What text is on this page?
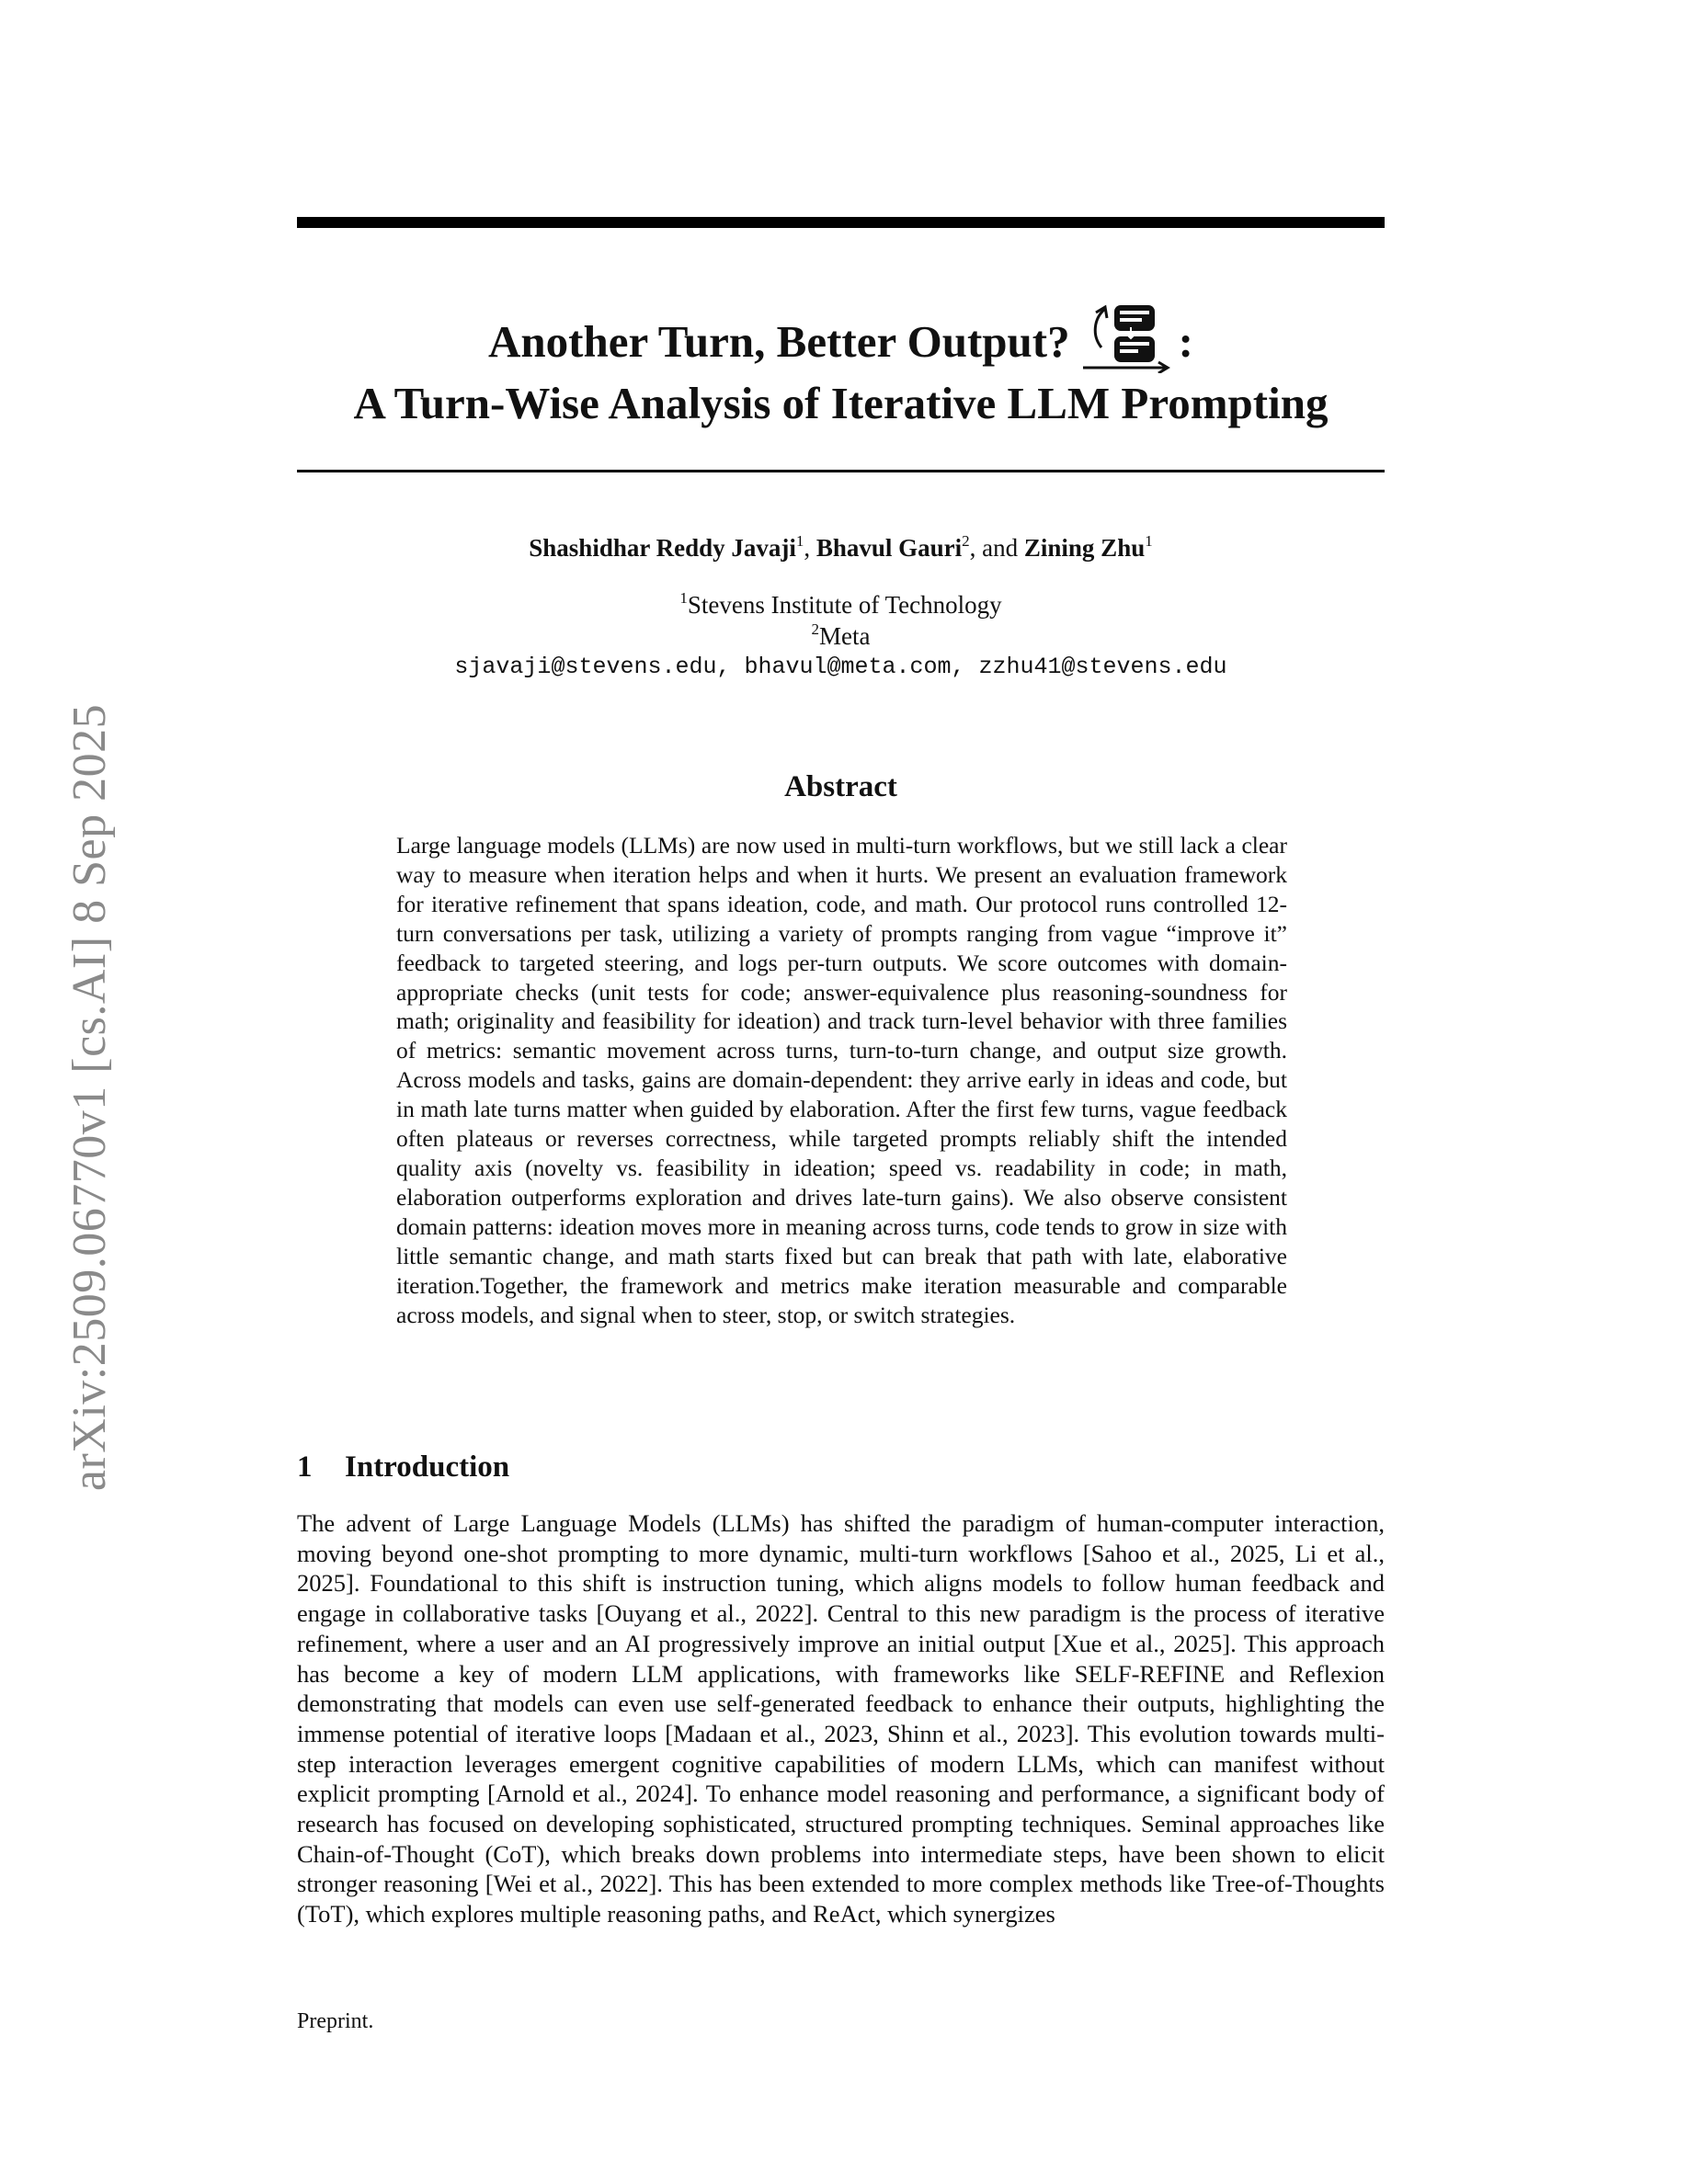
arXiv:2509.06770v1 [cs.AI] 8 Sep 2025
Another Turn, Better Output? :
A Turn-Wise Analysis of Iterative LLM Prompting
Shashidhar Reddy Javaji$^1$, Bhavul Gauri$^2$, and Zining Zhu$^1$
$^1$Stevens Institute of Technology
$^2$Meta
sjavaji@stevens.edu, bhavul@meta.com, zzhu41@stevens.edu
Abstract

Large language models (LLMs) are now used in multi-turn workflows, but we still lack a clear way to measure when iteration helps and when it hurts. We present an evaluation framework for iterative refinement that spans ideation, code, and math. Our protocol runs controlled 12-turn conversations per task, utilizing a variety of prompts ranging from vague “improve it” feedback to targeted steering, and logs per-turn outputs. We score outcomes with domain-appropriate checks (unit tests for code; answer-equivalence plus reasoning-soundness for math; originality and feasibility for ideation) and track turn-level behavior with three families of metrics: semantic movement across turns, turn-to-turn change, and output size growth. Across models and tasks, gains are domain-dependent: they arrive early in ideas and code, but in math late turns matter when guided by elaboration. After the first few turns, vague feedback often plateaus or reverses correctness, while targeted prompts reliably shift the intended quality axis (novelty vs. feasibility in ideation; speed vs. readability in code; in math, elaboration outperforms exploration and drives late-turn gains). We also observe consistent domain patterns: ideation moves more in meaning across turns, code tends to grow in size with little semantic change, and math starts fixed but can break that path with late, elaborative iteration.Together, the framework and metrics make iteration measurable and comparable across models, and signal when to steer, stop, or switch strategies.

1 Introduction

The advent of Large Language Models (LLMs) has shifted the paradigm of human-computer interaction, moving beyond one-shot prompting to more dynamic, multi-turn workflows [Sahoo et al., 2025, Li et al., 2025]. Foundational to this shift is instruction tuning, which aligns models to follow human feedback and engage in collaborative tasks [Ouyang et al., 2022]. Central to this new paradigm is the process of iterative refinement, where a user and an AI progressively improve an initial output [Xue et al., 2025]. This approach has become a key of modern LLM applications, with frameworks like SELF-REFINE and Reflexion demonstrating that models can even use self-generated feedback to enhance their outputs, highlighting the immense potential of iterative loops [Madaan et al., 2023, Shinn et al., 2023]. This evolution towards multi-step interaction leverages emergent cognitive capabilities of modern LLMs, which can manifest without explicit prompting [Arnold et al., 2024]. To enhance model reasoning and performance, a significant body of research has focused on developing sophisticated, structured prompting techniques. Seminal approaches like Chain-of-Thought (CoT), which breaks down problems into intermediate steps, have been shown to elicit stronger reasoning [Wei et al., 2022]. This has been extended to more complex methods like Tree-of-Thoughts (ToT), which explores multiple reasoning paths, and ReAct, which synergizes

Preprint.
